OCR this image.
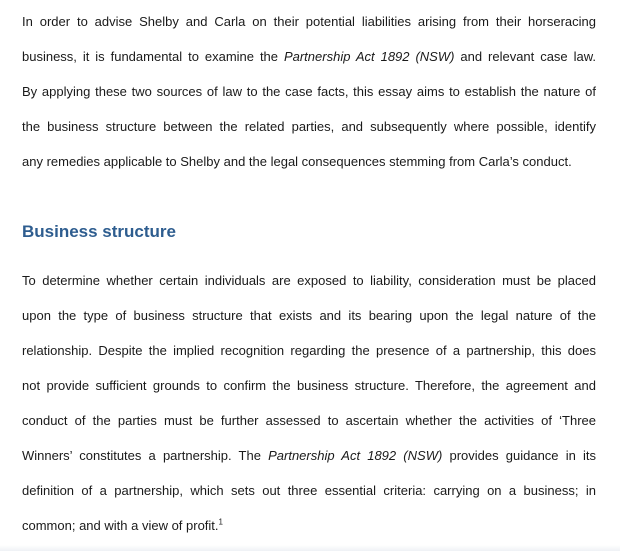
In order to advise Shelby and Carla on their potential liabilities arising from their horseracing
business, it is fundamental to examine the Partnership Act 1892 (NSW) and relevant case law.
By applying these two sources of law to the case facts, this essay aims to establish the nature of
the business structure between the related parties, and subsequently where possible, identify
any remedies applicable to Shelby and the legal consequences stemming from Carla’s conduct.
Business structure
To determine whether certain individuals are exposed to liability, consideration must be placed
upon the type of business structure that exists and its bearing upon the legal nature of the
relationship. Despite the implied recognition regarding the presence of a partnership, this does
not provide sufficient grounds to confirm the business structure. Therefore, the agreement and
conduct of the parties must be further assessed to ascertain whether the activities of ‘Three
Winners’ constitutes a partnership. The Partnership Act 1892 (NSW) provides guidance in its
definition of a partnership, which sets out three essential criteria: carrying on a business; in
common; and with a view of profit.$^1$
